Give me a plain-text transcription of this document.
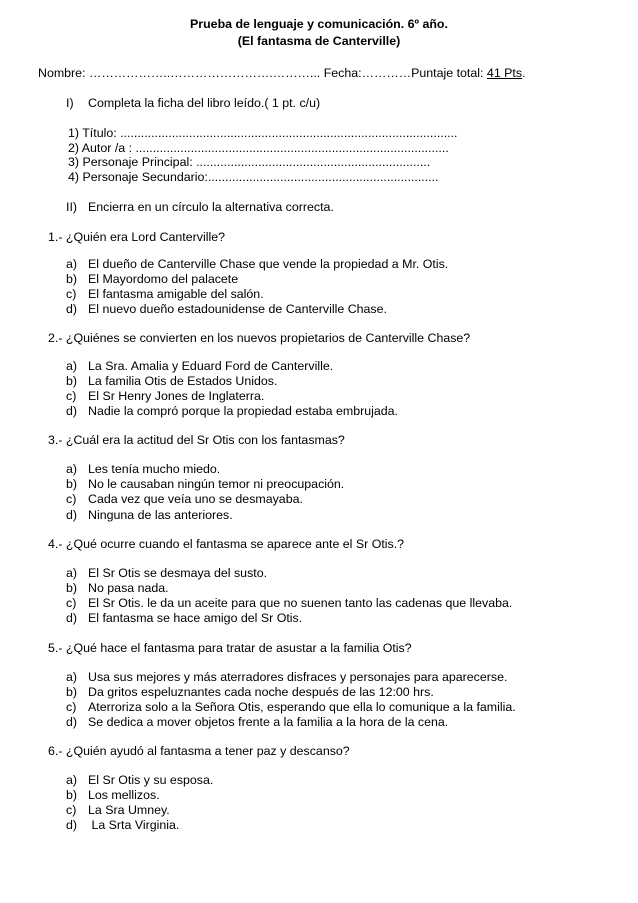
Prueba de lenguaje y comunicación. 6º año.
(El fantasma de Canterville)
Nombre: ………………..…………………….………... Fecha:…………Puntaje total: 41 Pts.
I) Completa la ficha del libro leído.( 1 pt. c/u)
1) Título: ..................................................................................................
2) Autor /a : ...........................................................................................
3) Personaje Principal: ....................................................................
4) Personaje Secundario:...................................................................
II) Encierra en un círculo la alternativa correcta.
1.- ¿Quién era Lord Canterville?
a) El dueño de Canterville Chase que vende la propiedad a Mr. Otis.
b) El Mayordomo del palacete
c) El fantasma amigable del salón.
d) El nuevo dueño estadounidense de Canterville Chase.
2.- ¿Quiénes se convierten en los nuevos propietarios de Canterville Chase?
a) La Sra. Amalia y Eduard Ford de Canterville.
b) La familia Otis de Estados Unidos.
c) El Sr Henry Jones de Inglaterra.
d) Nadie la compró porque la propiedad estaba embrujada.
3.- ¿Cuál era la actitud del Sr Otis con los fantasmas?
a) Les tenía mucho miedo.
b) No le causaban ningún temor ni preocupación.
c) Cada vez que veía uno se desmayaba.
d) Ninguna de las anteriores.
4.- ¿Qué ocurre cuando el fantasma se aparece ante el Sr Otis.?
a) El Sr Otis se desmaya del susto.
b) No pasa nada.
c) El Sr Otis. le da un aceite para que no suenen tanto las cadenas que llevaba.
d) El fantasma se hace amigo del Sr Otis.
5.- ¿Qué hace el fantasma para tratar de asustar a la familia Otis?
a) Usa sus mejores y más aterradores disfraces y personajes para aparecerse.
b) Da gritos espeluznantes cada noche después de las 12:00 hrs.
c) Aterroriza solo a la Señora Otis, esperando que ella lo comunique a la familia.
d) Se dedica a mover objetos frente a la familia a la hora de la cena.
6.- ¿Quién ayudó al fantasma a tener paz y descanso?
a) El Sr Otis y su esposa.
b) Los mellizos.
c) La Sra Umney.
d) La Srta Virginia.
